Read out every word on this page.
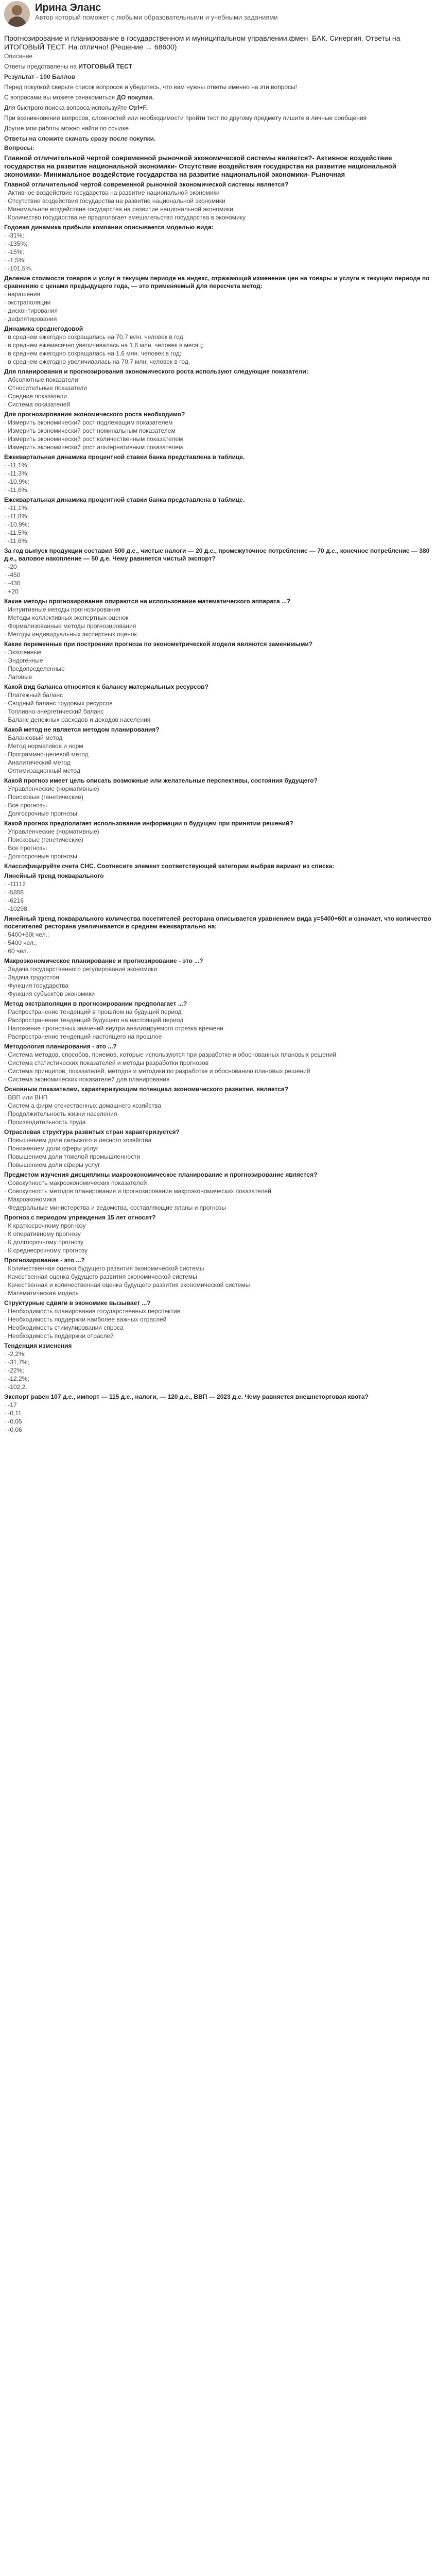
Ирина Эланс
Автор который поможет с любыми образовательными и учебными заданиями
Прогнозирование и планирование в государственном и муниципальном управлении.фмен_БАК. Синергия. Ответы на ИТОГОВЫЙ ТЕСТ. На отлично! (Решение → 68600)
Описание

Ответы представлены на ИТОГОВЫЙ ТЕСТ

Результат - 100 Баллов

Перед покупкой сверьте список вопросов и убедитесь, что вам нужны ответы именно на эти вопросы!

С вопросами вы можете ознакомиться ДО покупки.

Для быстрого поиска вопроса используйте Ctrl+F.

При возникновении вопросов, сложностей или необходимости пройти тест по другому предмету пишите в личные сообщения

Другие мои работы можно найти по ссылке

Ответы на сложите скачать сразу после покупки.

Вопросы:
Главной отличительной чертой современной рыночной экономической системы является?- Активное воздействие государства на развитие национальной экономики- Отсутствие воздействия государства на развитие национальной экономики- Минимальное воздействие государства на развитие национальной экономики- Рыночная
Главной отличительной чертой современной рыночной экономической системы является?
· Активное воздействие государства на развитие национальной экономики
· Отсутствие воздействия государства на развитие национальной экономики
· Минимальное воздействие государства на развитие национальной экономики
· Количество государства не предполагает вмешательство государства в экономику
Годовая динамика прибыли компании описывается моделью вида:
· -31%;
· -135%;
· -15%;
· -1,5%;
· -101,5%.
Деление стоимости товаров и услуг в текущем периоде на индекс, отражающий изменение цен на товары и услуги в текущем периоде по сравнению с ценами предыдущего года, — это применяемый для пересчета метод:
· нарашения
· экстраполяции
· дисконтирования
· дефлятирования
Динамика среднегодовой
· в среднем ежегодно сокращалась на 70,7 млн. человек в год;
· в среднем ежемесячно увеличивалась на 1,6 млн. человек в месяц;
· в среднем ежегодно сокращалась на 1,6 млн. человек в год;
· в среднем ежегодно увеличивалась на 70,7 млн. человек в год.
Для планирования и прогнозирования экономического роста используют следующие показатели:
· Абсолютные показатели
· Относительные показатели
· Средние показатели
· Система показателей
Для прогнозирования экономического роста необходимо?
· Измерить экономический рост подлежащим показателем
· Измерить экономический рост номинальным показателем
· Измерить экономический рост количественным показателем
· Измерить экономический рост альтернативным показателем
Ежеквартальная динамика процентной ставки банка представлена в таблице.
· -11,1%;
· -11,3%;
· -10,9%;
· -11,6%.
Ежеквартальная динамика процентной ставки банка представлена в таблице.
· -11,1%;
· -11,8%;
· -10,9%;
· -11,5%;
· -11,6%.
За год выпуск продукции составил 500 д.е., чистые налоги — 20 д.е., промежуточное потребление — 70 д.е., конечное потребление — 380 д.е., валовое накопление — 50 д.е. Чему равняется чистый экспорт?
· -20
· -450
· -430
· +20
Какие методы прогнозирования опираются на использование математического аппарата ...?
· Интуитивные методы прогнозирования
· Методы коллективных экспертных оценок
· Формализованные методы прогнозирования
· Методы индивидуальных экспертных оценок
Какие переменные при построении прогноза по эконометрической модели являются заменимыми?
· Экзогенные
· Эндогенные
· Предопределенные
· Лаговые
Какой вид баланса относится к балансу материальных ресурсов?
· Платежный баланс
· Сводный баланс трудовых ресурсов
· Топливно-энергетический баланс
· Баланс денежных расходов и доходов населения
Какой метод не является методом планирования?
· Балансовый метод
· Метод нормативов и норм
· Программно-целевой метод
· Аналитический метод
· Оптимизационный метод
Какой прогноз имеет цель описать возможные или желательные перспективы, состояния будущего?
· Управленческие (нормативные)
· Поисковые (генетические)
· Все прогнозы
· Долгосрочные прогнозы
Какой прогноз предполагает использование информации о будущем при принятии решений?
· Управленческие (нормативные)
· Поисковые (генетические)
· Все прогнозы
· Долгосрочные прогнозы
Классифицируйте счета СНС. Соотнесите элемент соответствующей категории выбрав вариант из списка:
Линейный тренд покварального
· -11112
· -5808
· -6216
· -10298
Линейный тренд покварального количества посетителей ресторана описывается уравнением вида y=5400+60t и означает, что количество посетителей ресторана увеличивается в среднем ежеквартально на:
· 5400+60t чел.;
· 5400 чел.;
· 60 чел.
Макроэкономическое планирование и прогнозирование - это ...?
· Задача государственного регулирования экономики
· Задача трудостоя
· Функция государства
· Функция субъектов экономики
Метод экстраполяции в прогнозировании предполагает ...?
· Распространение тенденций в прошлом на будущий период
· Распространение тенденций будущего на настоящий период
· Наложение прогнозных значений внутри анализируемого отрезка времени
· Распространение тенденций настоящего на прошлое
Методология планирования - это ...?
· Система методов, способов, приемов, которые используются при разработке и обоснованных плановых решений
· Система статистических показателей и методы разработки прогнозов
· Система принципов, показателей, методов и методики по разработке и обоснованию плановых решений
· Система экономических показателей для планирования
Основным показателем, характеризующим потенциал экономического развития, является?
· ВВП или ВНП
· Систем а фирм отечественных домашнего хозяйства
· Продолжительность жизни населения
· Производительность труда
Отраслевая структура развитых стран характеризуется?
· Повышением доли сельского и лесного хозяйства
· Понижением доли сферы услуг
· Повышением доли тяжелой промышленности
· Повышением доли сферы услуг
Предметом изучения дисциплины макроэкономическое планирование и прогнозирование является?
· Совокупность макроэкономических показателей
· Совокупность методов планирования и прогнозирования макроэкономических показателей
· Макроэкономика
· Федеральные министерства и ведомства, составляющие планы и прогнозы
Прогноз с периодом упреждения 15 лет относят?
· К краткосрочному прогнозу
· К оперативному прогнозу
· К долгосрочному прогнозу
· К среднесрочному прогнозу
Прогнозирование - это ...?
· Количественная оценка будущего развития экономической системы
· Качественная оценка будущего развития экономической системы
· Качественная и количественная оценка будущего развития экономической системы
· Математическая модель
Структурные сдвиги в экономике вызывает ...?
· Необходимость планирования государственных перспектив
· Необходимость поддержки наиболее важных отраслей
· Необходимость стимулирования спроса
· Необходимость поддержки отраслей
Тенденция изменения
· -2,2%;
· -31,7%;
· -22%;
· -12,2%;
· -102,2.
Экспорт равен 107 д.е., импорт — 115 д.е., налоги, — 120 д.е., ВВП — 2023 д.е. Чему равняется внешнеторговая квота?
· -17
· -0,11
· -0,05
· -0,06
